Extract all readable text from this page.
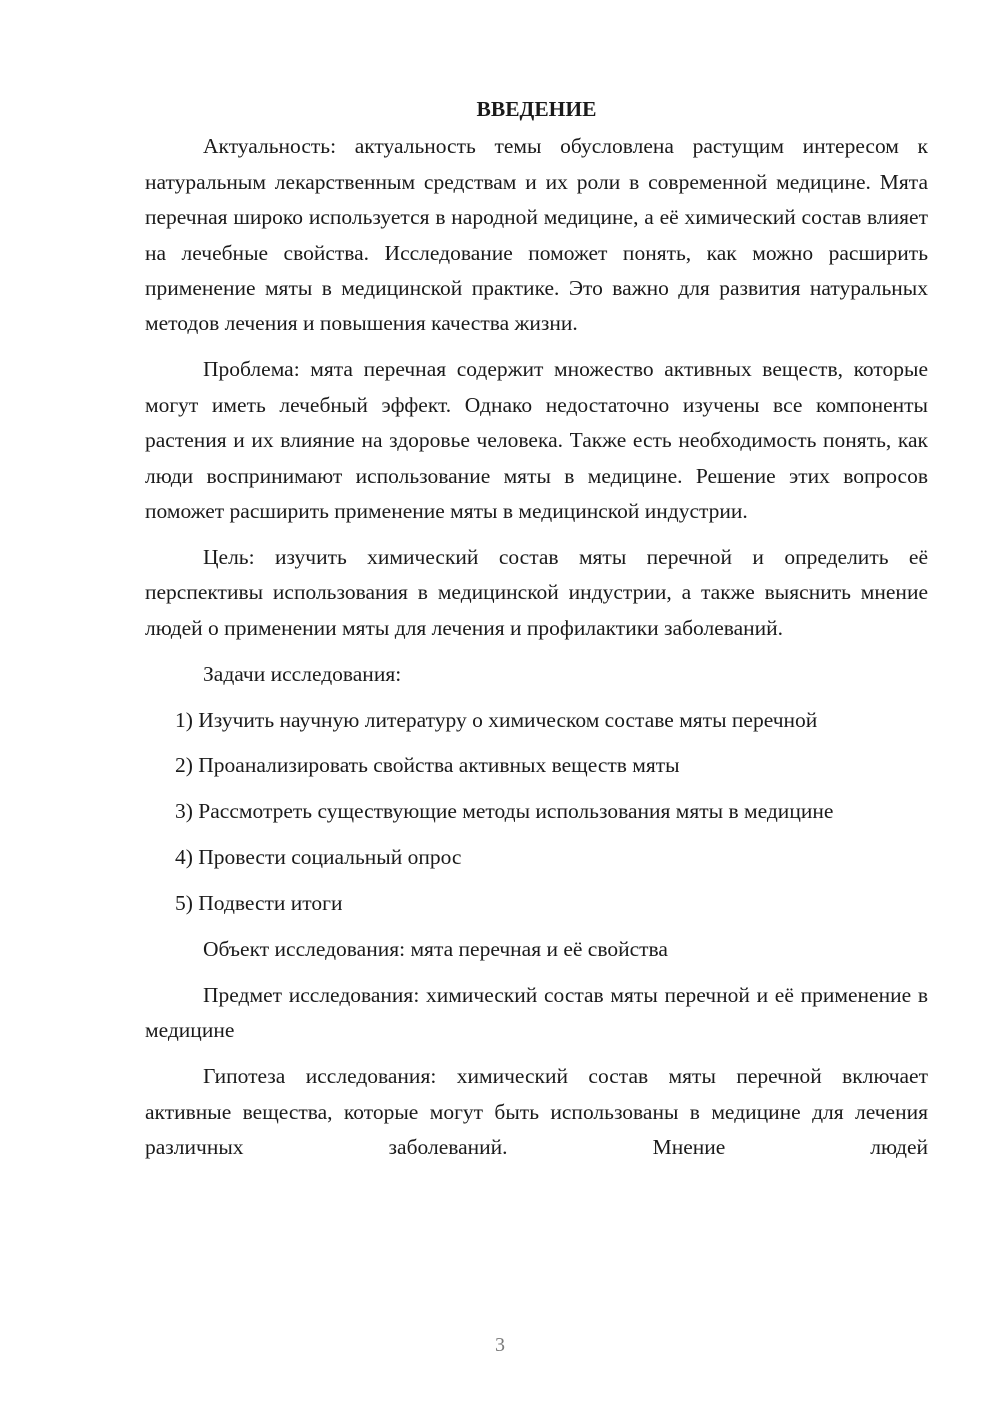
ВВЕДЕНИЕ

Актуальность: актуальность темы обусловлена растущим интересом к натуральным лекарственным средствам и их роли в современной медицине. Мята перечная широко используется в народной медицине, а её химический состав влияет на лечебные свойства. Исследование поможет понять, как можно расширить применение мяты в медицинской практике. Это важно для развития натуральных методов лечения и повышения качества жизни.

Проблема: мята перечная содержит множество активных веществ, которые могут иметь лечебный эффект. Однако недостаточно изучены все компоненты растения и их влияние на здоровье человека. Также есть необходимость понять, как люди воспринимают использование мяты в медицине. Решение этих вопросов поможет расширить применение мяты в медицинской индустрии.

Цель: изучить химический состав мяты перечной и определить её перспективы использования в медицинской индустрии, а также выяснить мнение людей о применении мяты для лечения и профилактики заболеваний.

Задачи исследования:

1) Изучить научную литературу о химическом составе мяты перечной

2) Проанализировать свойства активных веществ мяты

3) Рассмотреть существующие методы использования мяты в медицине

4) Провести социальный опрос

5) Подвести итоги

Объект исследования: мята перечная и её свойства

Предмет исследования: химический состав мяты перечной и её применение в медицине

Гипотеза исследования: химический состав мяты перечной включает активные вещества, которые могут быть использованы в медицине для лечения различных заболеваний. Мнение людей

3
